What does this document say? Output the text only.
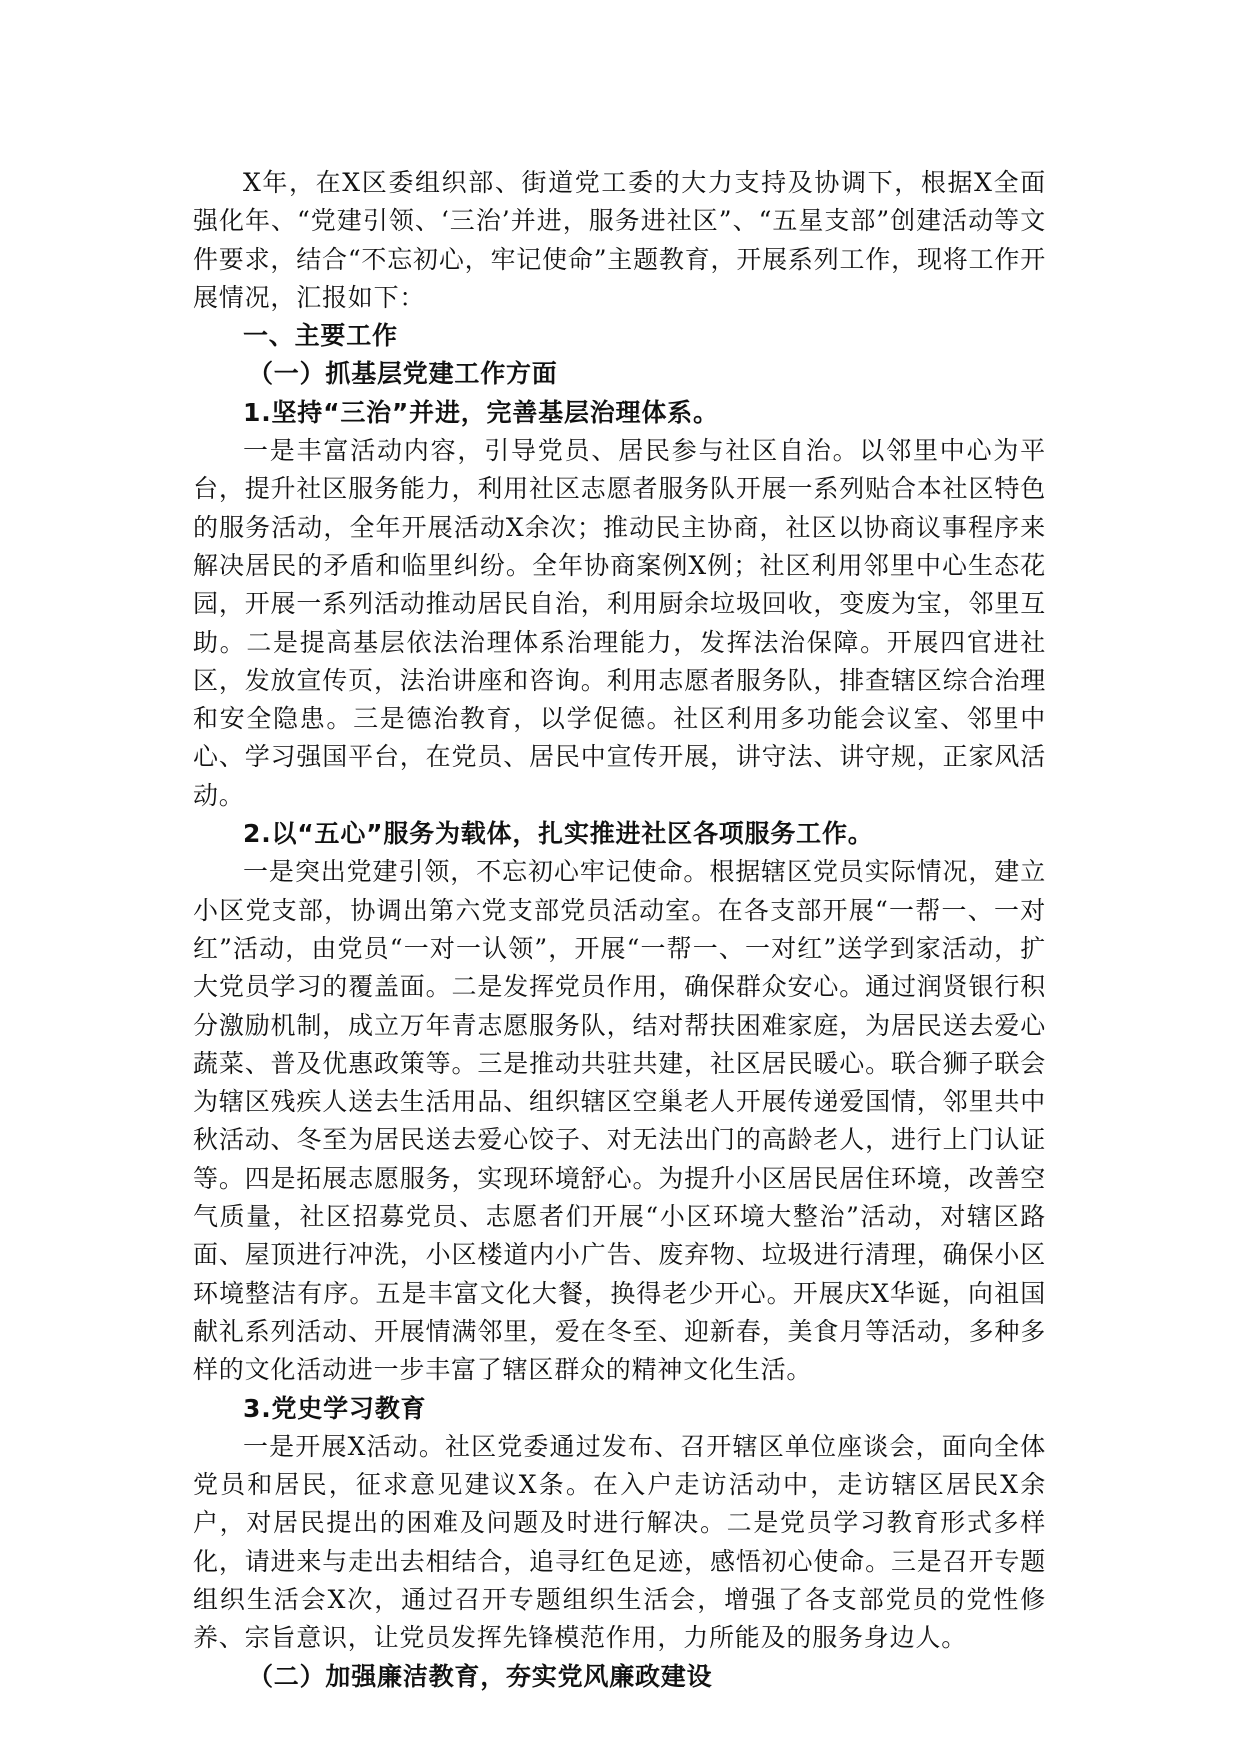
X年，在X区委组织部、街道党工委的大力支持及协调下，根据X全面强化年、“党建引领、‘三治’并进，服务进社区”、“五星支部”创建活动等文件要求，结合“不忘初心，牢记使命”主题教育，开展系列工作，现将工作开展情况，汇报如下：

一、主要工作
（一）抓基层党建工作方面
1.坚持“三治”并进，完善基层治理体系。

一是丰富活动内容，引导党员、居民参与社区自治。以邻里中心为平台，提升社区服务能力，利用社区志愿者服务队开展一系列贴合本社区特色的服务活动，全年开展活动X余次；推动民主协商，社区以协商议事程序来解决居民的矛盾和临里纠纷。全年协商案例X例；社区利用邻里中心生态花园，开展一系列活动推动居民自治，利用厨余垃圾回收，变废为宝，邻里互助。二是提高基层依法治理体系治理能力，发挥法治保障。开展四官进社区，发放宣传页，法治讲座和咨询。利用志愿者服务队，排查辖区综合治理和安全隐患。三是德治教育，以学促德。社区利用多功能会议室、邻里中心、学习强国平台，在党员、居民中宣传开展，讲守法、讲守规，正家风活动。

2.以“五心”服务为载体，扎实推进社区各项服务工作。

一是突出党建引领，不忘初心牢记使命。根据辖区党员实际情况，建立小区党支部，协调出第六党支部党员活动室。在各支部开展“一帮一、一对红”活动，由党员“一对一认领”，开展“一帮一、一对红”送学到家活动，扩大党员学习的覆盖面。二是发挥党员作用，确保群众安心。通过润贤银行积分激励机制，成立万年青志愿服务队，结对帮扶困难家庭，为居民送去爱心蔬菜、普及优惠政策等。三是推动共驻共建，社区居民暖心。联合狮子联会为辖区残疾人送去生活用品、组织辖区空巢老人开展传递爱国情，邻里共中秋活动、冬至为居民送去爱心饺子、对无法出门的高龄老人，进行上门认证等。四是拓展志愿服务，实现环境舒心。为提升小区居民居住环境，改善空气质量，社区招募党员、志愿者们开展“小区环境大整治”活动，对辖区路面、屋顶进行冲洗，小区楼道内小广告、废弃物、垃圾进行清理，确保小区环境整洁有序。五是丰富文化大餐，换得老少开心。开展庆X华诞，向祖国献礼系列活动、开展情满邻里，爱在冬至、迎新春，美食月等活动，多种多样的文化活动进一步丰富了辖区群众的精神文化生活。

3.党史学习教育

一是开展X活动。社区党委通过发布、召开辖区单位座谈会，面向全体党员和居民，征求意见建议X条。在入户走访活动中，走访辖区居民X余户，对居民提出的困难及问题及时进行解决。二是党员学习教育形式多样化，请进来与走出去相结合，追寻红色足迹，感悟初心使命。三是召开专题组织生活会X次，通过召开专题组织生活会，增强了各支部党员的党性修养、宗旨意识，让党员发挥先锋模范作用，力所能及的服务身边人。

（二）加强廉洁教育，夯实党风廉政建设
